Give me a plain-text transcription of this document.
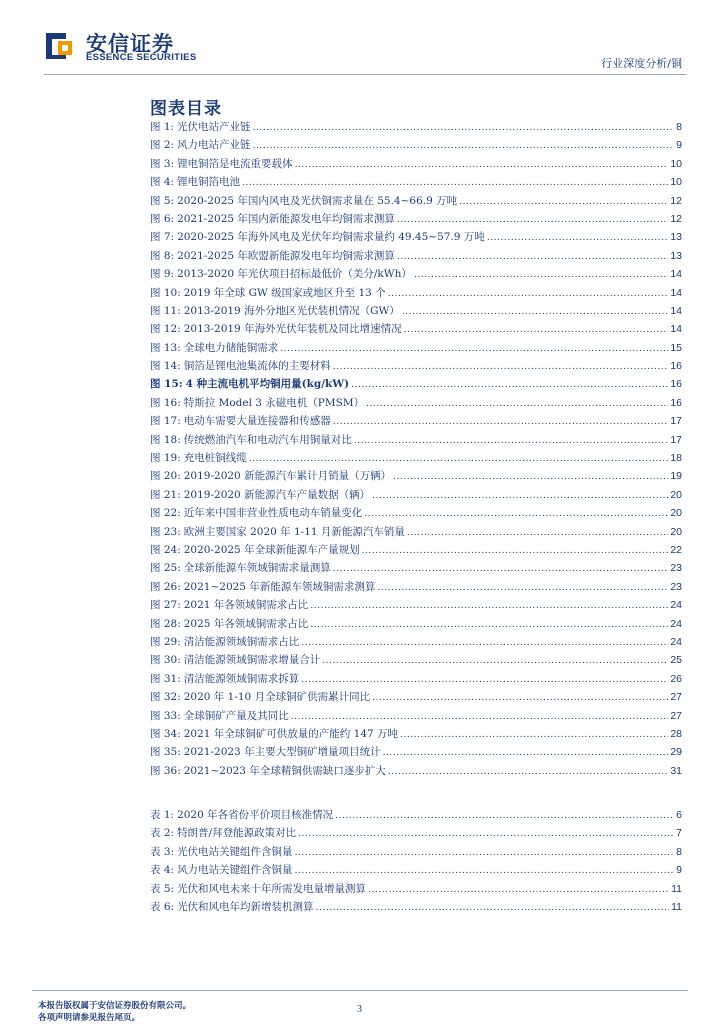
安信证券
ESSENCE SECURITIES	行业深度分析/铜
图表目录
图 1: 光伏电站产业链 .....	8
图 2: 风力电站产业链 .....	9
图 3: 锂电铜箔是电流重要载体 .....	10
图 4: 锂电铜箔电池 .....	10
图 5: 2020-2025 年国内风电及光伏铜需求量在 55.4~66.9 万吨 .....	12
图 6: 2021-2025 年国内新能源发电年均铜需求测算 .....	12
图 7: 2020-2025 年海外风电及光伏年均铜需求量约 49.45~57.9 万吨 .....	13
图 8: 2021-2025 年欧盟新能源发电年均铜需求测算 .....	13
图 9: 2013-2020 年光伏项目招标最低价（美分/kWh） .....	14
图 10: 2019 年全球 GW 级国家或地区升至 13 个 .....	14
图 11: 2013-2019 海外分地区光伏装机情况（GW） .....	14
图 12: 2013-2019 年海外光伏年装机及同比增速情况 .....	14
图 13: 全球电力储能铜需求 .....	15
图 14: 铜箔是锂电池集流体的主要材料 .....	16
图 15: 4 种主流电机平均铜用量(kg/kW) .....	16
图 16: 特斯拉 Model 3 永磁电机（PMSM） .....	16
图 17: 电动车需要大量连接器和传感器 .....	17
图 18: 传统燃油汽车和电动汽车用铜量对比 .....	17
图 19: 充电桩铜线缆 .....	18
图 20: 2019-2020 新能源汽车累计月销量（万辆） .....	19
图 21: 2019-2020 新能源汽车产量数据（辆） .....	20
图 22: 近年来中国非营业性质电动车销量变化 .....	20
图 23: 欧洲主要国家 2020 年 1-11 月新能源汽车销量 .....	20
图 24: 2020-2025 年全球新能源车产量规划 .....	22
图 25: 全球新能源车领域铜需求量测算 .....	23
图 26: 2021~2025 年新能源车领域铜需求测算 .....	23
图 27: 2021 年各领域铜需求占比 .....	24
图 28: 2025 年各领域铜需求占比 .....	24
图 29: 清洁能源领域铜需求占比 .....	24
图 30: 清洁能源领域铜需求增量合计 .....	25
图 31: 清洁能源领域铜需求拆算 .....	26
图 32: 2020 年 1-10 月全球铜矿供需累计同比 .....	27
图 33: 全球铜矿产量及其同比 .....	27
图 34: 2021 年全球铜矿可供放量的产能约 147 万吨 .....	28
图 35: 2021-2023 年主要大型铜矿增量项目统计 .....	29
图 36: 2021~2023 年全球精铜供需缺口逐步扩大 .....	31
表 1: 2020 年各省份平价项目核准情况 .....	6
表 2: 特朗普/拜登能源政策对比 .....	7
表 3: 光伏电站关键组件含铜量 .....	8
表 4: 风力电站关键组件含铜量 .....	9
表 5: 光伏和风电未来十年所需发电量增量测算 .....	11
表 6: 光伏和风电年均新增装机测算 .....	11
本报告版权属于安信证券股份有限公司。
各项声明请参见报告尾页。
3
